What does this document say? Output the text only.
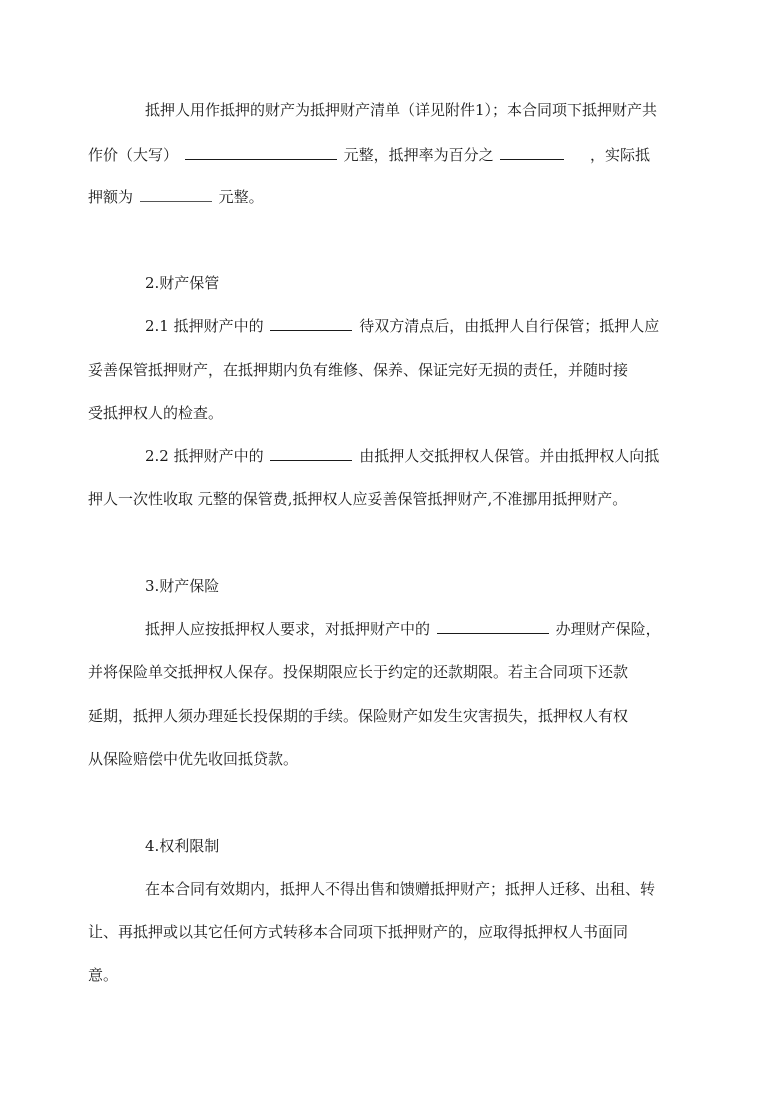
抵押人用作抵押的财产为抵押财产清单（详见附件1）；本合同项下抵押财产共
作价（大写）	元整，抵押率为百分之	，实际抵
押额为	元整。
2.财产保管
2.1 抵押财产中的	待双方清点后，由抵押人自行保管；抵押人应
妥善保管抵押财产，在抵押期内负有维修、保养、保证完好无损的责任，并随时接
受抵押权人的检查。
2.2 抵押财产中的	由抵押人交抵押权人保管。并由抵押权人向抵
押人一次性收取 元整的保管费,抵押权人应妥善保管抵押财产,不准挪用抵押财产。
3.财产保险
抵押人应按抵押权人要求，对抵押财产中的	办理财产保险，
并将保险单交抵押权人保存。投保期限应长于约定的还款期限。若主合同项下还款
延期，抵押人须办理延长投保期的手续。保险财产如发生灾害损失，抵押权人有权
从保险赔偿中优先收回抵贷款。
4.权利限制
在本合同有效期内，抵押人不得出售和馈赠抵押财产；抵押人迁移、出租、转
让、再抵押或以其它任何方式转移本合同项下抵押财产的，应取得抵押权人书面同
意。
